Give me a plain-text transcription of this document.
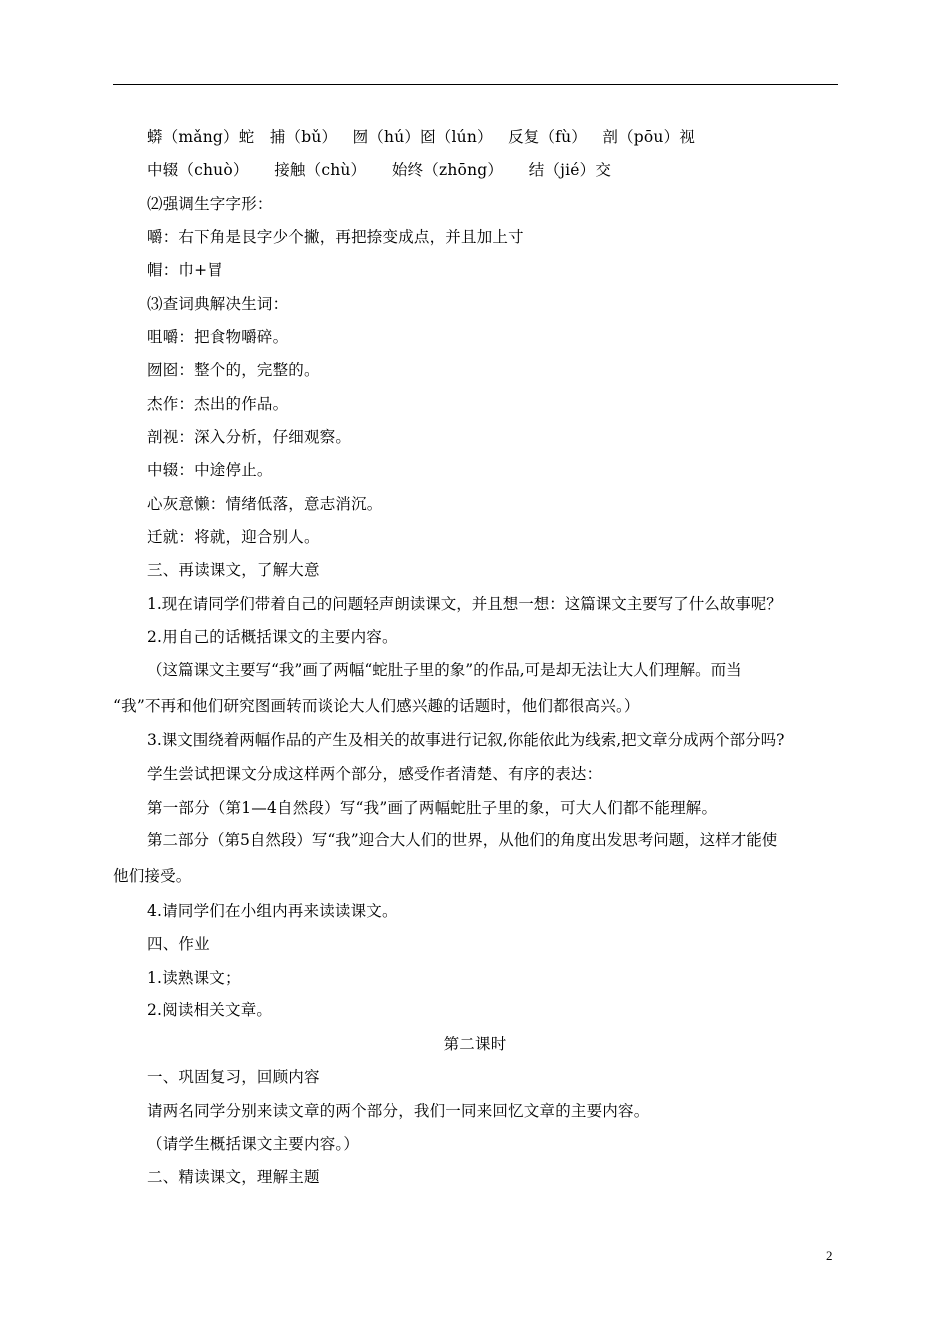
蟒（mǎng）蛇   捕（bǔ）   囫（hú）囵（lún）   反复（fù）   剖（pōu）视
中辍（chuò）     接触（chù）     始终（zhōng）     结（jié）交
⑵强调生字字形：
嚼：右下角是艮字少个撇，再把捺变成点，并且加上寸
帽：巾+冒
⑶查词典解决生词：
咀嚼：把食物嚼碎。
囫囵：整个的，完整的。
杰作：杰出的作品。
剖视：深入分析，仔细观察。
中辍：中途停止。
心灰意懒：情绪低落，意志消沉。
迁就：将就，迎合别人。
三、再读课文，了解大意
1.现在请同学们带着自己的问题轻声朗读课文，并且想一想：这篇课文主要写了什么故事呢？
2.用自己的话概括课文的主要内容。
（这篇课文主要写“我”画了两幅“蛇肚子里的象”的作品,可是却无法让大人们理解。而当
“我”不再和他们研究图画转而谈论大人们感兴趣的话题时，他们都很高兴。）
3.课文围绕着两幅作品的产生及相关的故事进行记叙,你能依此为线索,把文章分成两个部分吗?
学生尝试把课文分成这样两个部分，感受作者清楚、有序的表达：
第一部分（第1—4自然段）写“我”画了两幅蛇肚子里的象，可大人们都不能理解。
第二部分（第5自然段）写“我”迎合大人们的世界，从他们的角度出发思考问题，这样才能使
他们接受。
4.请同学们在小组内再来读读课文。
四、作业
1.读熟课文；
2.阅读相关文章。
第二课时
一、巩固复习，回顾内容
请两名同学分别来读文章的两个部分，我们一同来回忆文章的主要内容。
（请学生概括课文主要内容。）
二、精读课文，理解主题
2
